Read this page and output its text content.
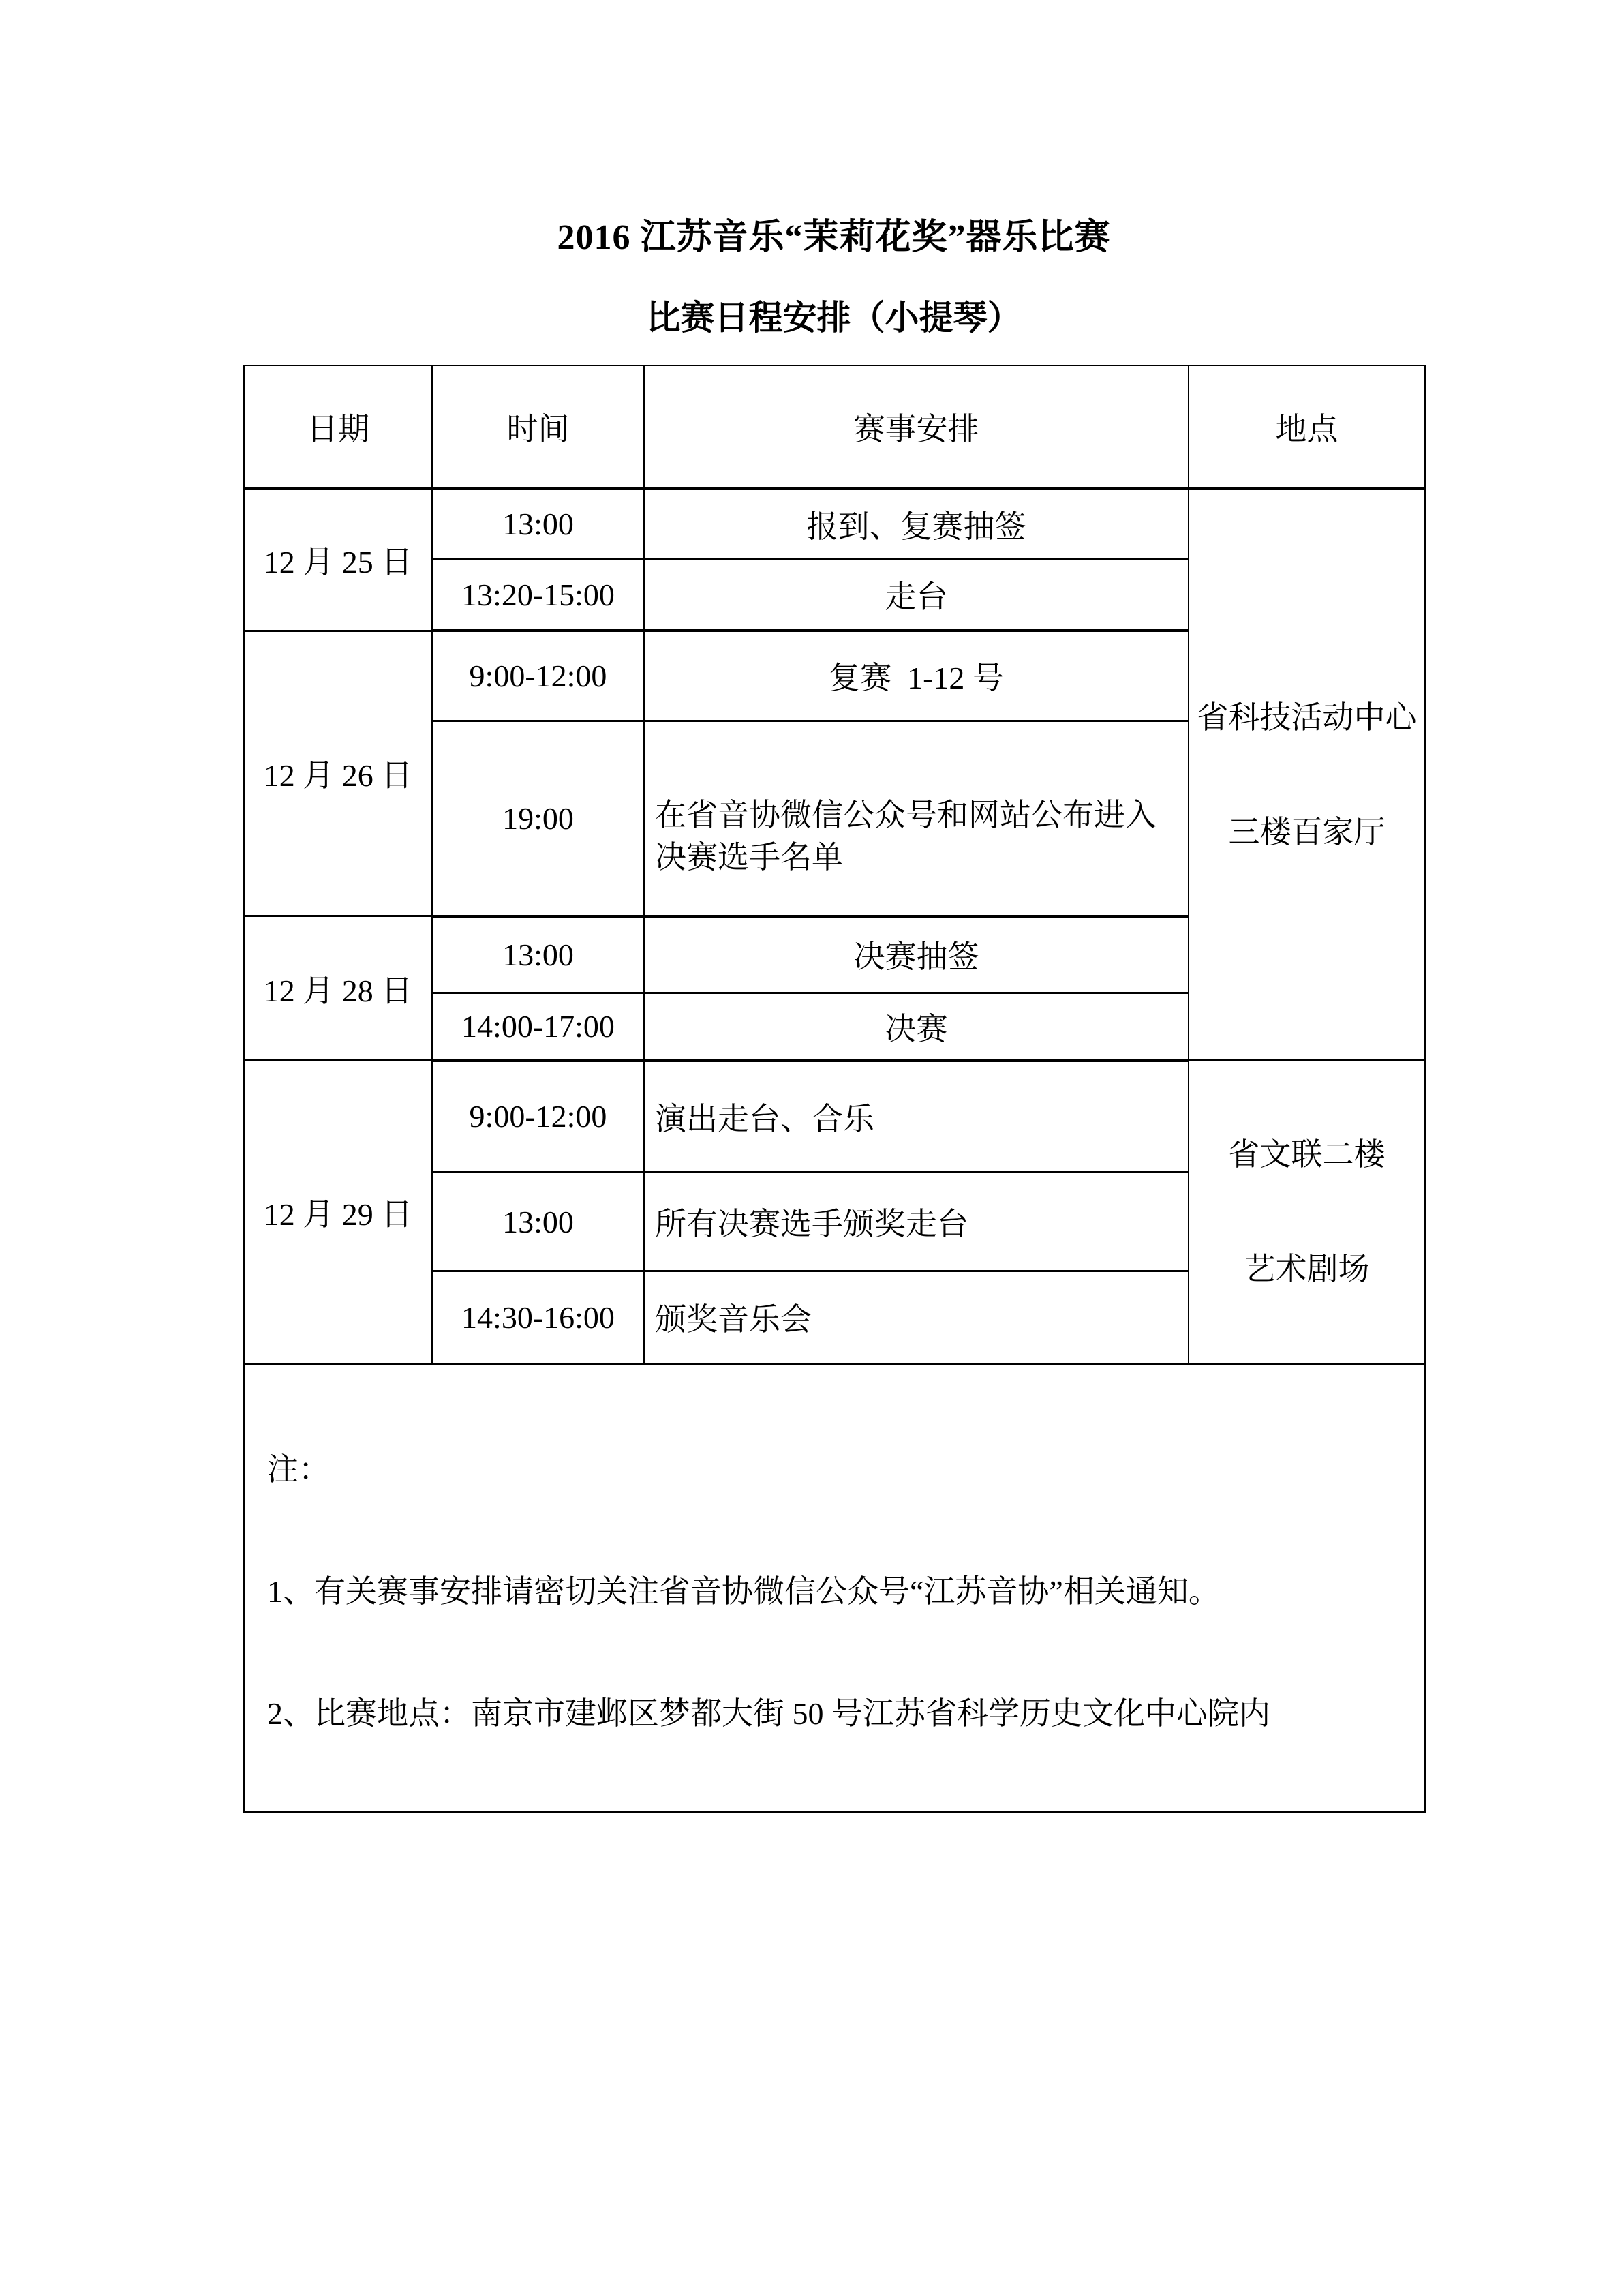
2016 江苏音乐“茉莉花奖”器乐比赛
比赛日程安排（小提琴）
日期	时间	赛事安排	地点
12 月 25 日	13:00	报到、复赛抽签	省科技活动中心

三楼百家厅

	13:20-15:00	走台	
12 月 26 日	9:00-12:00	复赛  1-12 号	
	19:00	在省音协微信公众号和网站公布进入决赛选手名单	

12 月 28 日	13:00	决赛抽签	
	14:00-17:00	决赛	
12 月 29 日	9:00-12:00	演出走台、合乐	省文联二楼

艺术剧场

	13:00	所有决赛选手颁奖走台	
	14:30-16:00	颁奖音乐会	

注：

1、有关赛事安排请密切关注省音协微信公众号“江苏音协”相关通知。

2、比赛地点：南京市建邺区梦都大街 50 号江苏省科学历史文化中心院内			
